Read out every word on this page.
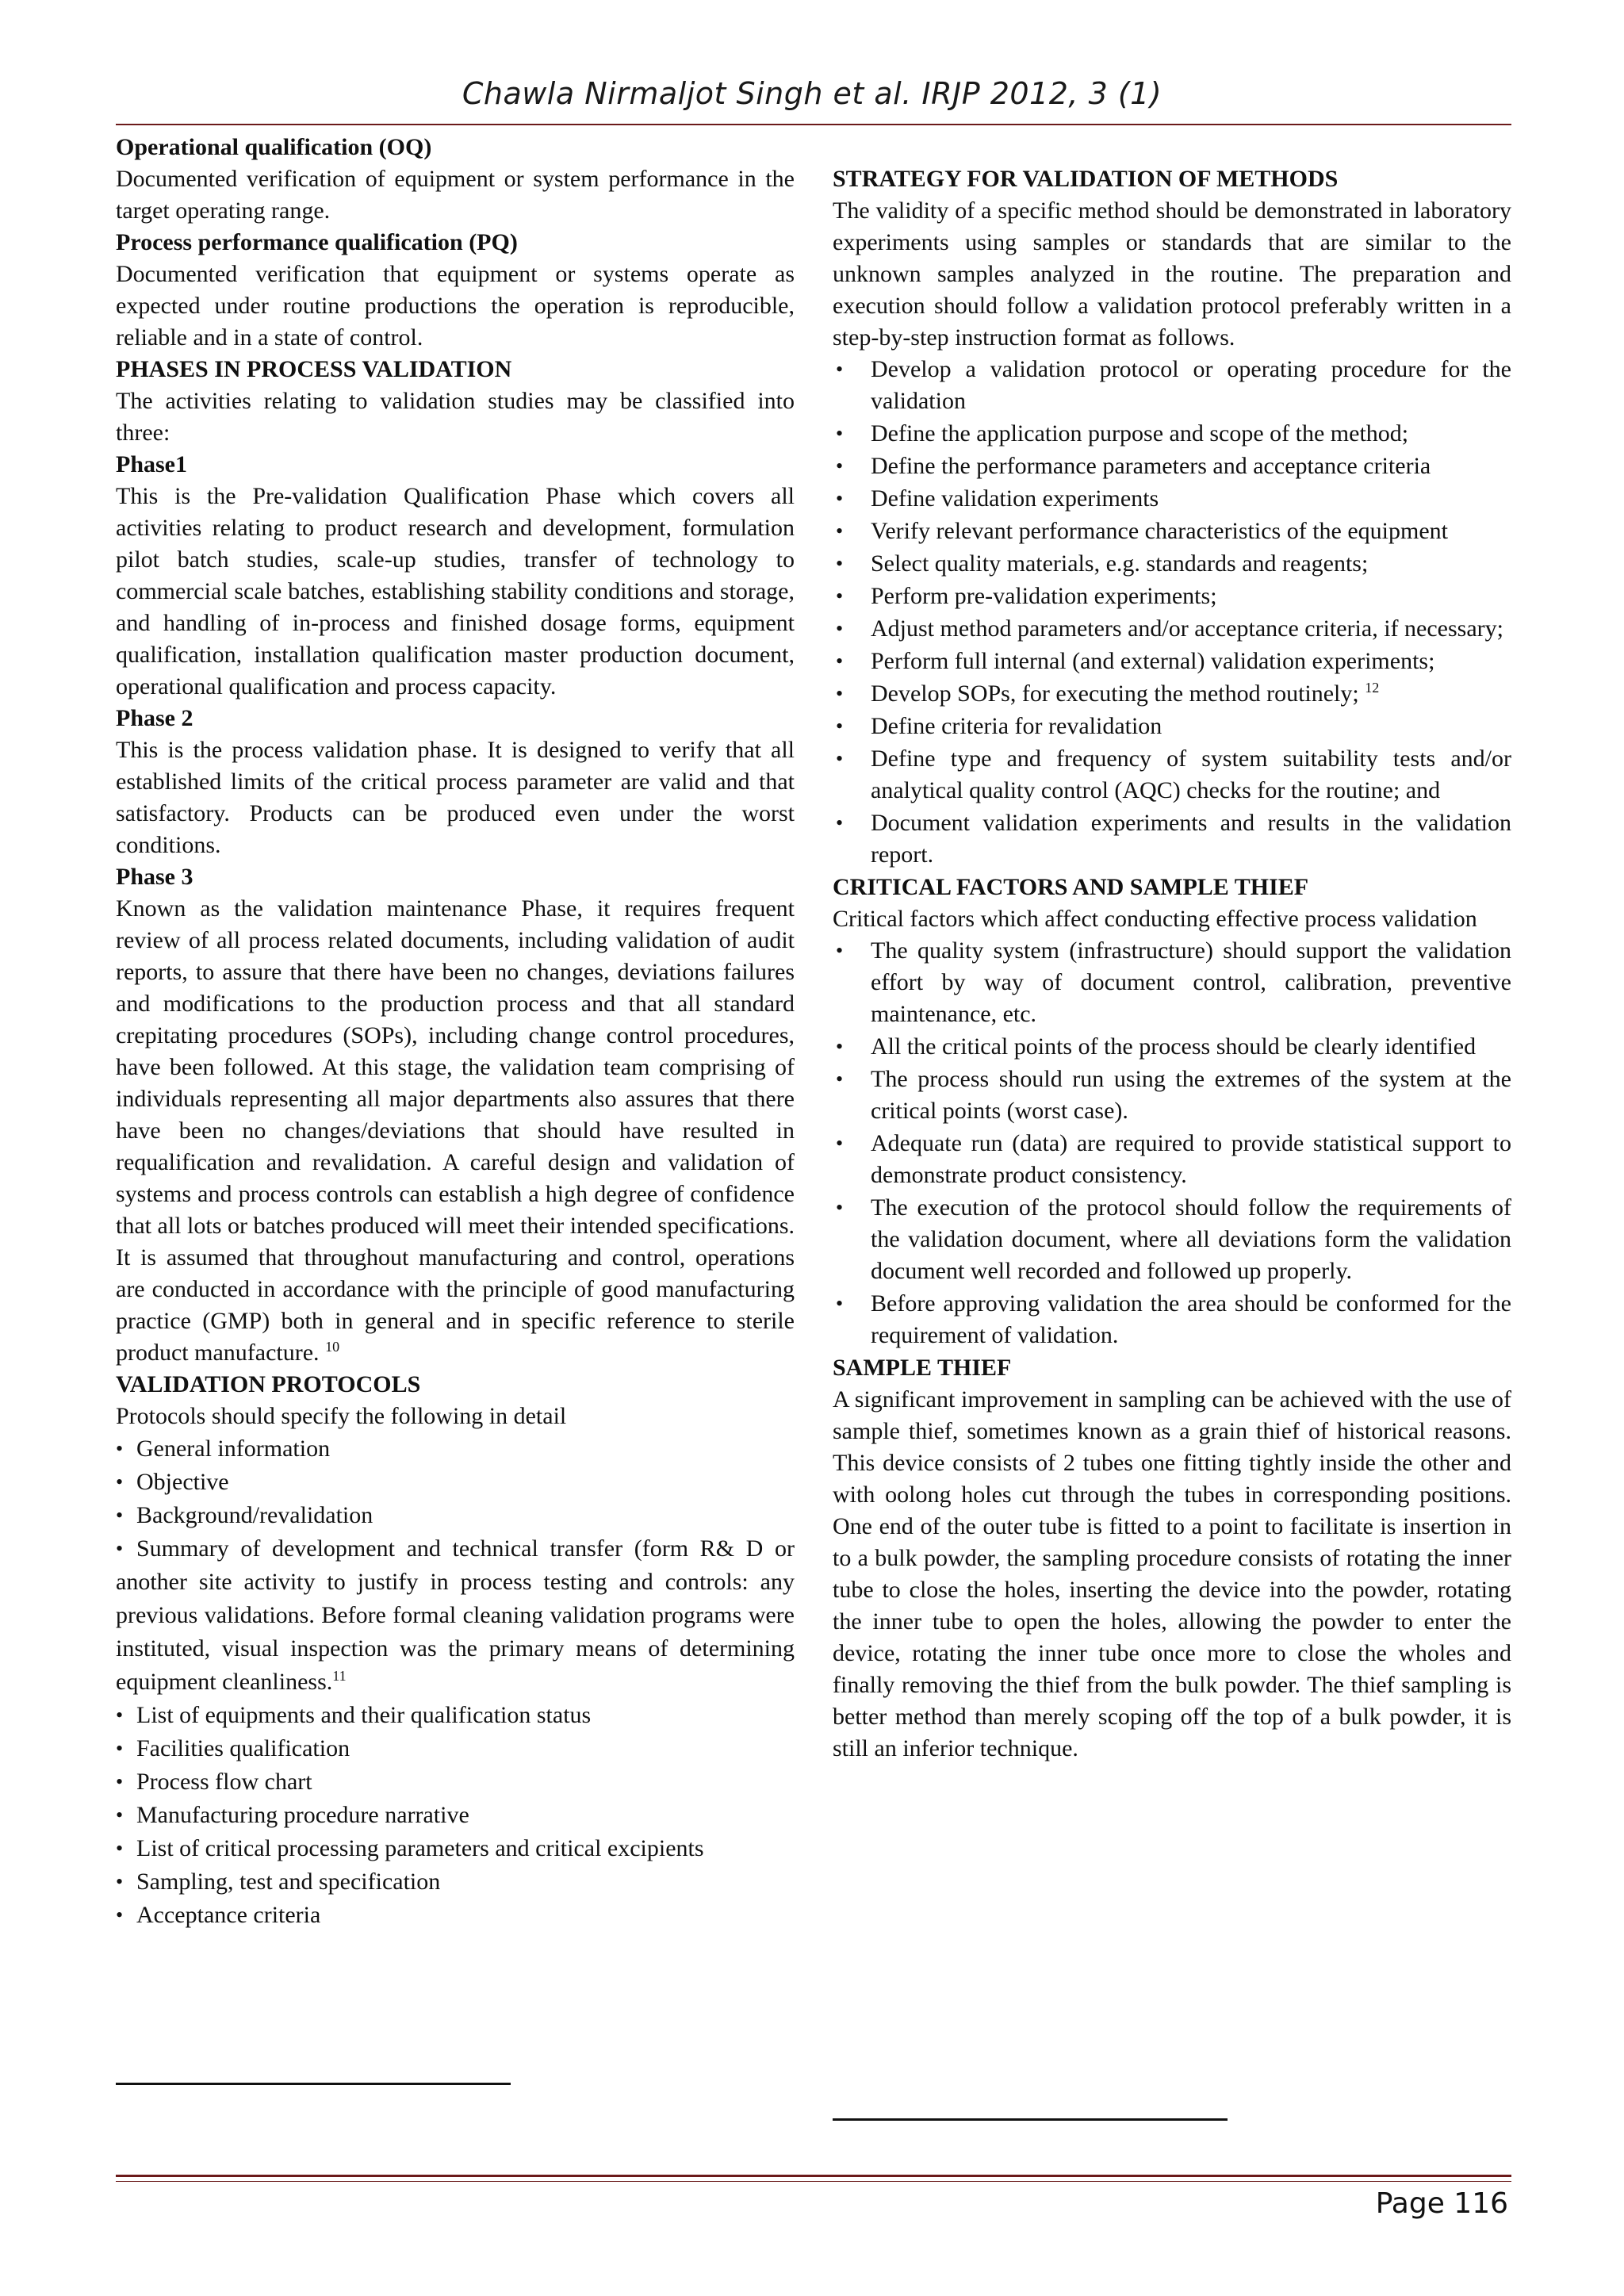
Chawla Nirmaljot Singh et al. IRJP 2012, 3 (1)
Operational qualification (OQ)

Documented verification of equipment or system performance in the target operating range.

Process performance qualification (PQ)

Documented verification that equipment or systems operate as expected under routine productions the operation is reproducible, reliable and in a state of control.

PHASES IN PROCESS VALIDATION

The activities relating to validation studies may be classified into three:

Phase1

This is the Pre-validation Qualification Phase which covers all activities relating to product research and development, formulation pilot batch studies, scale-up studies, transfer of technology to commercial scale batches, establishing stability conditions and storage, and handling of in-process and finished dosage forms, equipment qualification, installation qualification master production document, operational qualification and process capacity.

Phase 2

This is the process validation phase. It is designed to verify that all established limits of the critical process parameter are valid and that satisfactory. Products can be produced even under the worst conditions.

Phase 3

Known as the validation maintenance Phase, it requires frequent review of all process related documents, including validation of audit reports, to assure that there have been no changes, deviations failures and modifications to the production process and that all standard crepitating procedures (SOPs), including change control procedures, have been followed. At this stage, the validation team comprising of individuals representing all major departments also assures that there have been no changes/deviations that should have resulted in requalification and revalidation. A careful design and validation of systems and process controls can establish a high degree of confidence that all lots or batches produced will meet their intended specifications. It is assumed that throughout manufacturing and control, operations are conducted in accordance with the principle of good manufacturing practice (GMP) both in general and in specific reference to sterile product manufacture. $^{10}$

VALIDATION PROTOCOLS

Protocols should specify the following in detail

• General information
• Objective
• Background/revalidation
• Summary of development and technical transfer (form R& D or another site activity to justify in process testing and controls: any previous validations. Before formal cleaning validation programs were instituted, visual inspection was the primary means of determining equipment cleanliness.$^{11}$
• List of equipments and their qualification status
• Facilities qualification
• Process flow chart
• Manufacturing procedure narrative
• List of critical processing parameters and critical excipients
• Sampling, test and specification
• Acceptance criteria
STRATEGY FOR VALIDATION OF METHODS

The validity of a specific method should be demonstrated in laboratory experiments using samples or standards that are similar to the unknown samples analyzed in the routine. The preparation and execution should follow a validation protocol preferably written in a step-by-step instruction format as follows.

• Develop a validation protocol or operating procedure for the validation
• Define the application purpose and scope of the method;
• Define the performance parameters and acceptance criteria
• Define validation experiments
• Verify relevant performance characteristics of the equipment
• Select quality materials, e.g. standards and reagents;
• Perform pre-validation experiments;
• Adjust method parameters and/or acceptance criteria, if necessary;
• Perform full internal (and external) validation experiments;
• Develop SOPs, for executing the method routinely; $^{12}$
• Define criteria for revalidation
• Define type and frequency of system suitability tests and/or analytical quality control (AQC) checks for the routine; and
• Document validation experiments and results in the validation report.
CRITICAL FACTORS AND SAMPLE THIEF

Critical factors which affect conducting effective process validation

• The quality system (infrastructure) should support the validation effort by way of document control, calibration, preventive maintenance, etc.
• All the critical points of the process should be clearly identified
• The process should run using the extremes of the system at the critical points (worst case).
• Adequate run (data) are required to provide statistical support to demonstrate product consistency.
• The execution of the protocol should follow the requirements of the validation document, where all deviations form the validation document well recorded and followed up properly.
• Before approving validation the area should be conformed for the requirement of validation.
SAMPLE THIEF

A significant improvement in sampling can be achieved with the use of sample thief, sometimes known as a grain thief of historical reasons. This device consists of 2 tubes one fitting tightly inside the other and with oolong holes cut through the tubes in corresponding positions. One end of the outer tube is fitted to a point to facilitate is insertion in to a bulk powder, the sampling procedure consists of rotating the inner tube to close the holes, inserting the device into the powder, rotating the inner tube to open the holes, allowing the powder to enter the device, rotating the inner tube once more to close the wholes and finally removing the thief from the bulk powder. The thief sampling is better method than merely scoping off the top of a bulk powder, it is still an inferior technique.

Page 116
